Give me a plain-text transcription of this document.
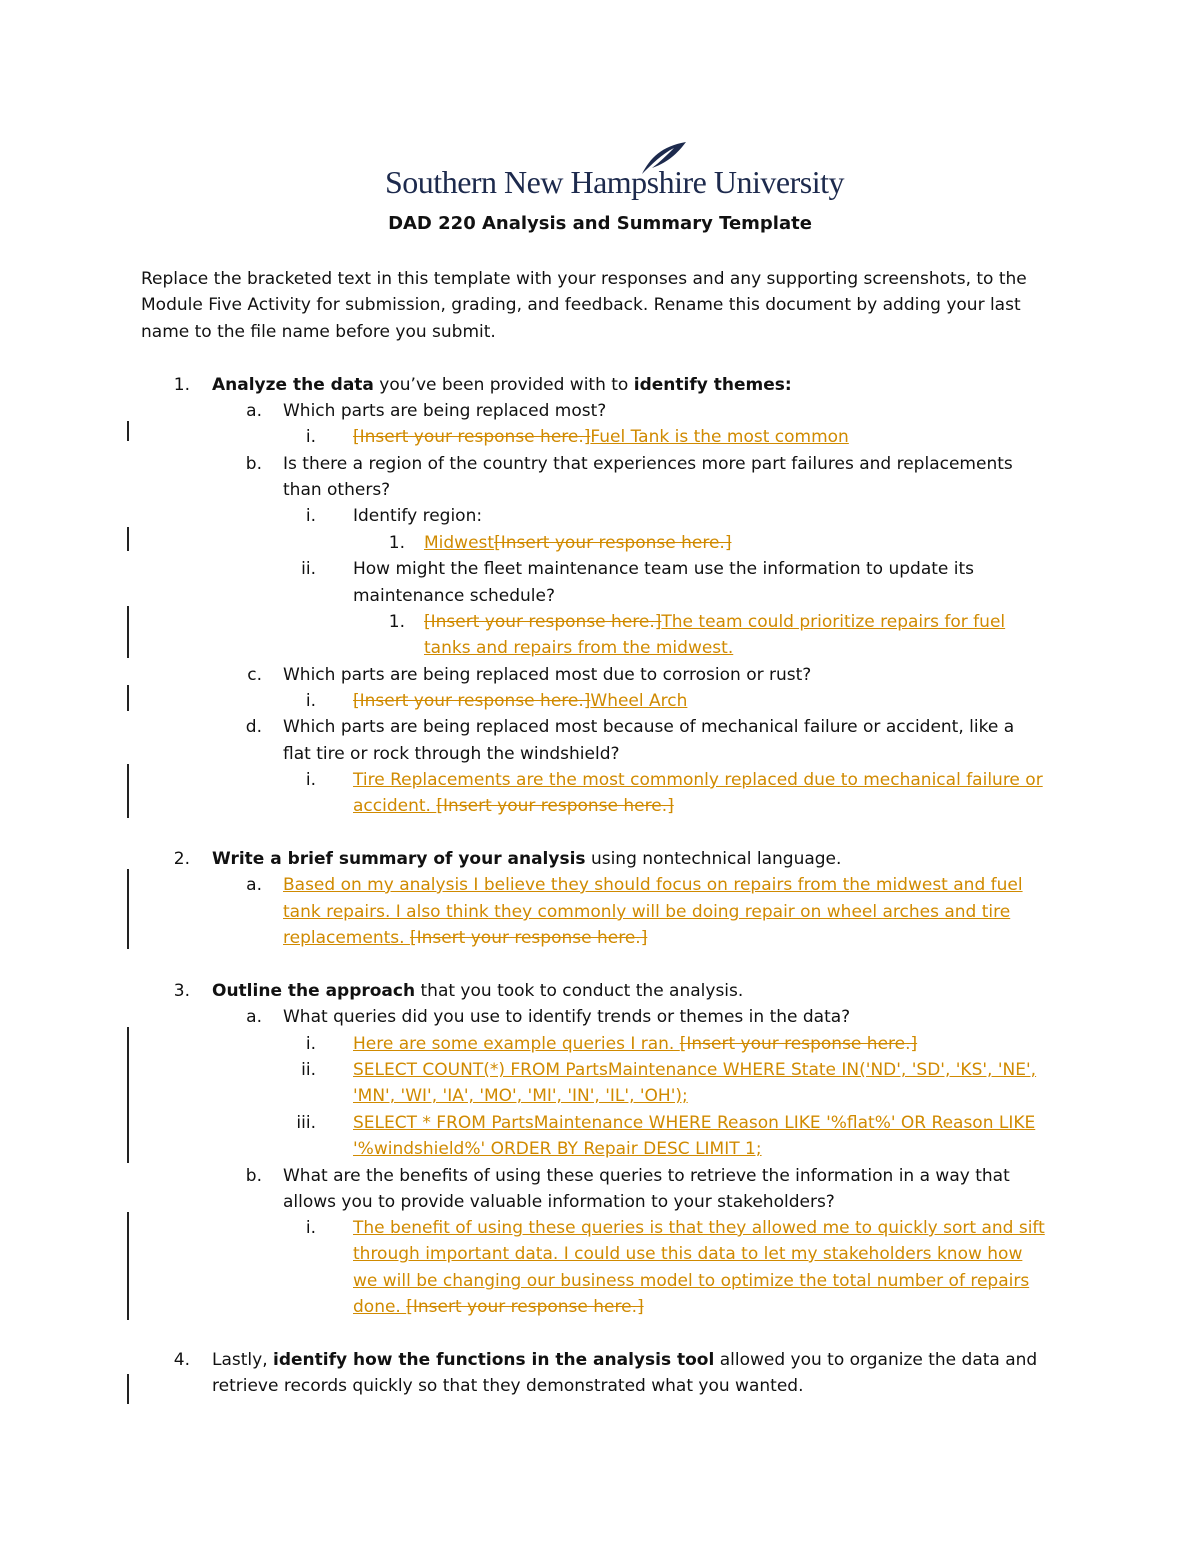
Southern New Hampshire University
DAD 220 Analysis and Summary Template
Replace the bracketed text in this template with your responses and any supporting screenshots, to the
Module Five Activity for submission, grading, and feedback. Rename this document by adding your last
name to the file name before you submit.
1. Analyze the data you’ve been provided with to identify themes:
a. Which parts are being replaced most?
i. [Insert your response here.]Fuel Tank is the most common
b. Is there a region of the country that experiences more part failures and replacements
than others?
i. Identify region:
1. Midwest[Insert your response here.]
ii. How might the fleet maintenance team use the information to update its
maintenance schedule?
1. [Insert your response here.]The team could prioritize repairs for fuel
tanks and repairs from the midwest.
c. Which parts are being replaced most due to corrosion or rust?
i. [Insert your response here.]Wheel Arch
d. Which parts are being replaced most because of mechanical failure or accident, like a
flat tire or rock through the windshield?
i. Tire Replacements are the most commonly replaced due to mechanical failure or
accident. [Insert your response here.]
2. Write a brief summary of your analysis using nontechnical language.
a. Based on my analysis I believe they should focus on repairs from the midwest and fuel
tank repairs. I also think they commonly will be doing repair on wheel arches and tire
replacements. [Insert your response here.]
3. Outline the approach that you took to conduct the analysis.
a. What queries did you use to identify trends or themes in the data?
i. Here are some example queries I ran. [Insert your response here.]
ii. SELECT COUNT(*) FROM PartsMaintenance WHERE State IN('ND', 'SD', 'KS', 'NE',
'MN', 'WI', 'IA', 'MO', 'MI', 'IN', 'IL', 'OH');
iii. SELECT * FROM PartsMaintenance WHERE Reason LIKE '%flat%' OR Reason LIKE
'%windshield%' ORDER BY Repair DESC LIMIT 1;
b. What are the benefits of using these queries to retrieve the information in a way that
allows you to provide valuable information to your stakeholders?
i. The benefit of using these queries is that they allowed me to quickly sort and sift
through important data. I could use this data to let my stakeholders know how
we will be changing our business model to optimize the total number of repairs
done. [Insert your response here.]
4. Lastly, identify how the functions in the analysis tool allowed you to organize the data and
retrieve records quickly so that they demonstrated what you wanted.
